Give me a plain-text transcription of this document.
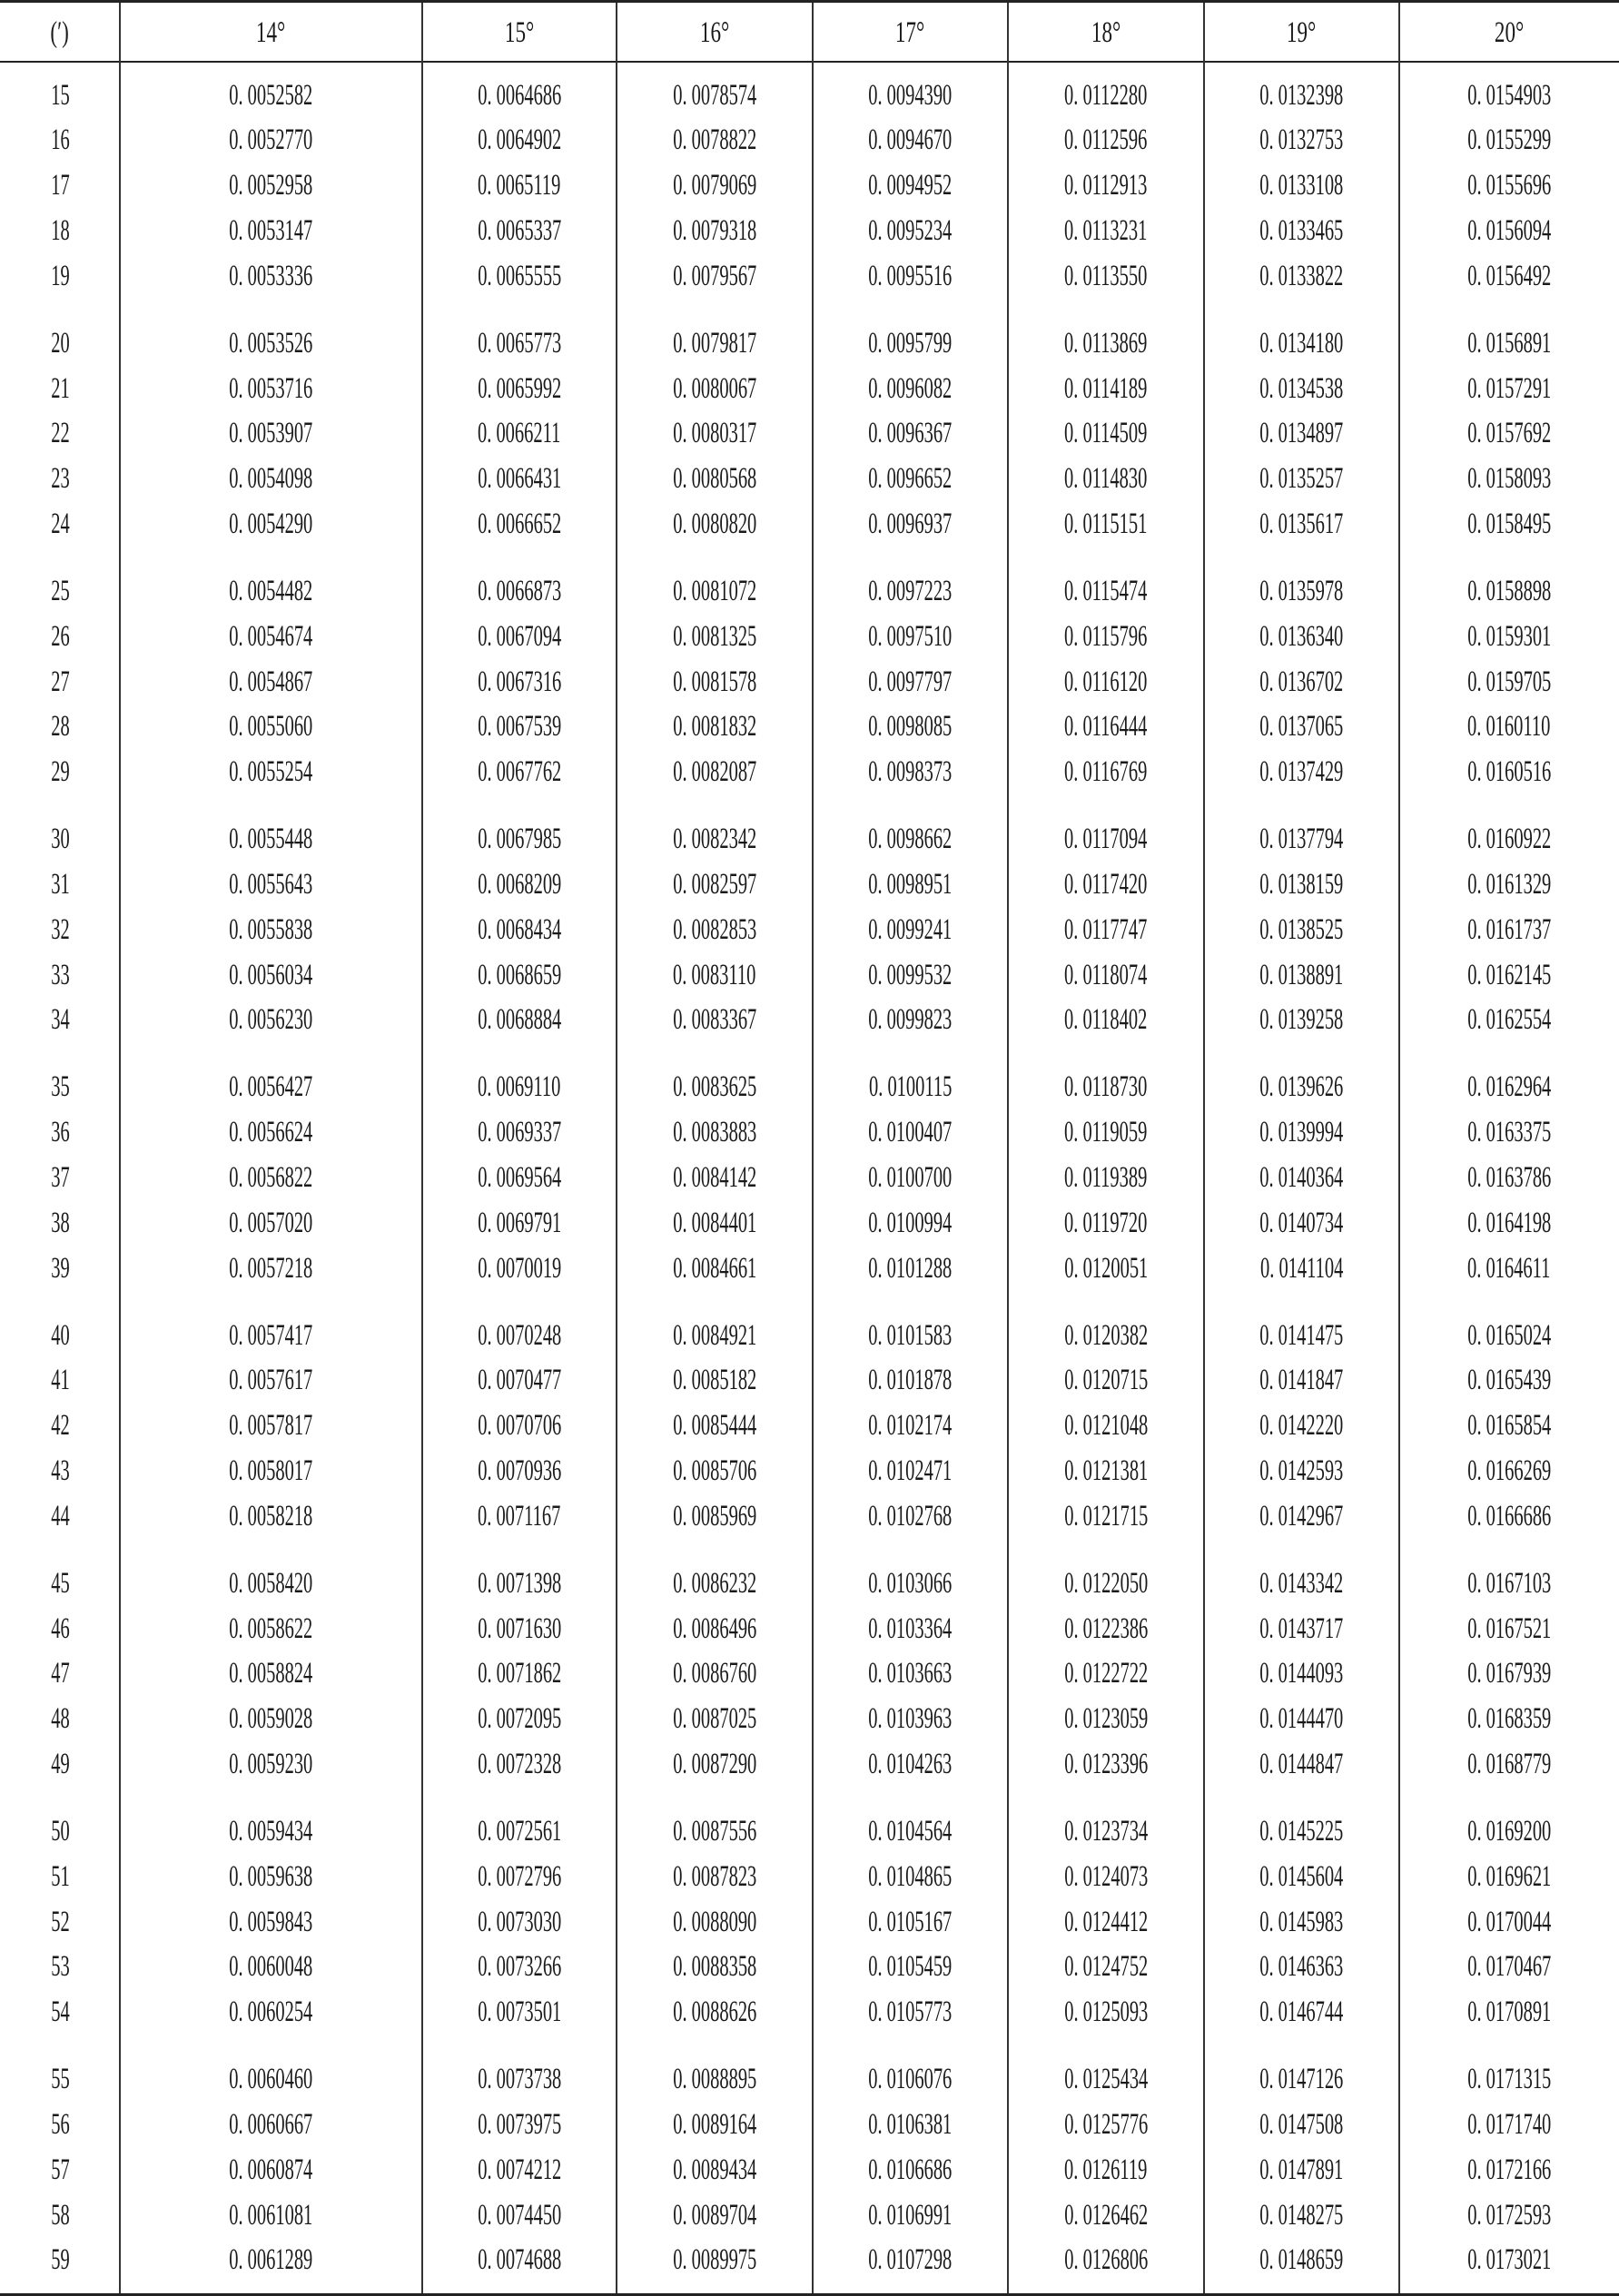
(′)	14°	15°	16°	17°	18°	19°	20°
15	0. 0052582	0. 0064686	0. 0078574	0. 0094390	0. 0112280	0. 0132398	0. 0154903
16	0. 0052770	0. 0064902	0. 0078822	0. 0094670	0. 0112596	0. 0132753	0. 0155299
17	0. 0052958	0. 0065119	0. 0079069	0. 0094952	0. 0112913	0. 0133108	0. 0155696
18	0. 0053147	0. 0065337	0. 0079318	0. 0095234	0. 0113231	0. 0133465	0. 0156094
19	0. 0053336	0. 0065555	0. 0079567	0. 0095516	0. 0113550	0. 0133822	0. 0156492
20	0. 0053526	0. 0065773	0. 0079817	0. 0095799	0. 0113869	0. 0134180	0. 0156891
21	0. 0053716	0. 0065992	0. 0080067	0. 0096082	0. 0114189	0. 0134538	0. 0157291
22	0. 0053907	0. 0066211	0. 0080317	0. 0096367	0. 0114509	0. 0134897	0. 0157692
23	0. 0054098	0. 0066431	0. 0080568	0. 0096652	0. 0114830	0. 0135257	0. 0158093
24	0. 0054290	0. 0066652	0. 0080820	0. 0096937	0. 0115151	0. 0135617	0. 0158495
25	0. 0054482	0. 0066873	0. 0081072	0. 0097223	0. 0115474	0. 0135978	0. 0158898
26	0. 0054674	0. 0067094	0. 0081325	0. 0097510	0. 0115796	0. 0136340	0. 0159301
27	0. 0054867	0. 0067316	0. 0081578	0. 0097797	0. 0116120	0. 0136702	0. 0159705
28	0. 0055060	0. 0067539	0. 0081832	0. 0098085	0. 0116444	0. 0137065	0. 0160110
29	0. 0055254	0. 0067762	0. 0082087	0. 0098373	0. 0116769	0. 0137429	0. 0160516
30	0. 0055448	0. 0067985	0. 0082342	0. 0098662	0. 0117094	0. 0137794	0. 0160922
31	0. 0055643	0. 0068209	0. 0082597	0. 0098951	0. 0117420	0. 0138159	0. 0161329
32	0. 0055838	0. 0068434	0. 0082853	0. 0099241	0. 0117747	0. 0138525	0. 0161737
33	0. 0056034	0. 0068659	0. 0083110	0. 0099532	0. 0118074	0. 0138891	0. 0162145
34	0. 0056230	0. 0068884	0. 0083367	0. 0099823	0. 0118402	0. 0139258	0. 0162554
35	0. 0056427	0. 0069110	0. 0083625	0. 0100115	0. 0118730	0. 0139626	0. 0162964
36	0. 0056624	0. 0069337	0. 0083883	0. 0100407	0. 0119059	0. 0139994	0. 0163375
37	0. 0056822	0. 0069564	0. 0084142	0. 0100700	0. 0119389	0. 0140364	0. 0163786
38	0. 0057020	0. 0069791	0. 0084401	0. 0100994	0. 0119720	0. 0140734	0. 0164198
39	0. 0057218	0. 0070019	0. 0084661	0. 0101288	0. 0120051	0. 0141104	0. 0164611
40	0. 0057417	0. 0070248	0. 0084921	0. 0101583	0. 0120382	0. 0141475	0. 0165024
41	0. 0057617	0. 0070477	0. 0085182	0. 0101878	0. 0120715	0. 0141847	0. 0165439
42	0. 0057817	0. 0070706	0. 0085444	0. 0102174	0. 0121048	0. 0142220	0. 0165854
43	0. 0058017	0. 0070936	0. 0085706	0. 0102471	0. 0121381	0. 0142593	0. 0166269
44	0. 0058218	0. 0071167	0. 0085969	0. 0102768	0. 0121715	0. 0142967	0. 0166686
45	0. 0058420	0. 0071398	0. 0086232	0. 0103066	0. 0122050	0. 0143342	0. 0167103
46	0. 0058622	0. 0071630	0. 0086496	0. 0103364	0. 0122386	0. 0143717	0. 0167521
47	0. 0058824	0. 0071862	0. 0086760	0. 0103663	0. 0122722	0. 0144093	0. 0167939
48	0. 0059028	0. 0072095	0. 0087025	0. 0103963	0. 0123059	0. 0144470	0. 0168359
49	0. 0059230	0. 0072328	0. 0087290	0. 0104263	0. 0123396	0. 0144847	0. 0168779
50	0. 0059434	0. 0072561	0. 0087556	0. 0104564	0. 0123734	0. 0145225	0. 0169200
51	0. 0059638	0. 0072796	0. 0087823	0. 0104865	0. 0124073	0. 0145604	0. 0169621
52	0. 0059843	0. 0073030	0. 0088090	0. 0105167	0. 0124412	0. 0145983	0. 0170044
53	0. 0060048	0. 0073266	0. 0088358	0. 0105459	0. 0124752	0. 0146363	0. 0170467
54	0. 0060254	0. 0073501	0. 0088626	0. 0105773	0. 0125093	0. 0146744	0. 0170891
55	0. 0060460	0. 0073738	0. 0088895	0. 0106076	0. 0125434	0. 0147126	0. 0171315
56	0. 0060667	0. 0073975	0. 0089164	0. 0106381	0. 0125776	0. 0147508	0. 0171740
57	0. 0060874	0. 0074212	0. 0089434	0. 0106686	0. 0126119	0. 0147891	0. 0172166
58	0. 0061081	0. 0074450	0. 0089704	0. 0106991	0. 0126462	0. 0148275	0. 0172593
59	0. 0061289	0. 0074688	0. 0089975	0. 0107298	0. 0126806	0. 0148659	0. 0173021
